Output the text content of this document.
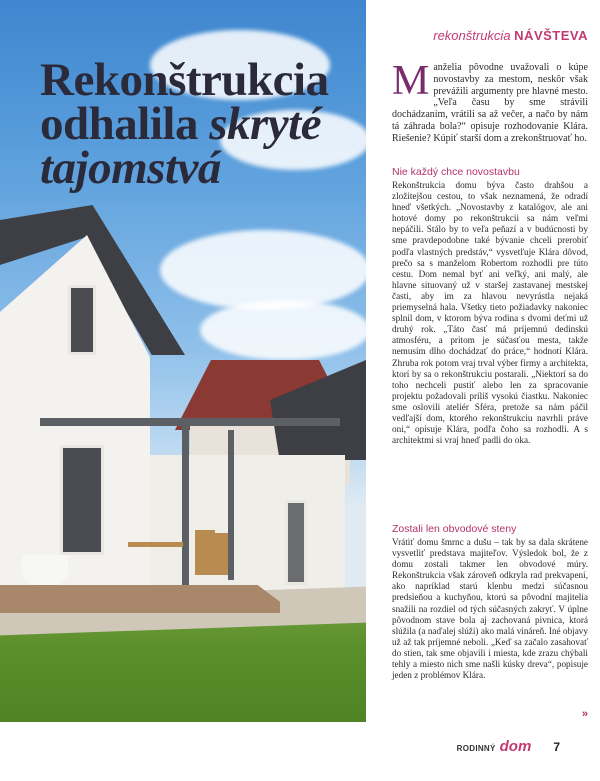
Rekonštrukcia
odhalila skryté
tajomstvá
rekonštrukcia NÁVŠTEVA
Manželia pôvodne uvažovali o kúpe novostavby za mestom, neskôr však prevážili argumenty pre hlavné mesto. „Veľa času by sme strávili dochádzaním, vrátili sa až večer, a načo by nám tá záhrada bola?“ opisuje rozhodovanie Klára. Riešenie? Kúpiť starší dom a zrekonštruovať ho.
Nie každý chce novostavbu
Rekonštrukcia domu býva často drahšou a zložitejšou cestou, to však neznamená, že odradí hneď všetkých. „Novostavby z katalógov, ale ani hotové domy po rekonštrukcii sa nám veľmi nepáčili. Stálo by to veľa peňazí a v budúcnosti by sme pravdepodobne také bývanie chceli prerobiť podľa vlastných predstáv,“ vysvetľuje Klára dôvod, prečo sa s manželom Robertom rozhodli pre túto cestu. Dom nemal byť ani veľký, ani malý, ale hlavne situovaný už v staršej zastavanej mestskej časti, aby im za hlavou nevyrástla nejaká priemyselná hala. Všetky tieto požiadavky nakoniec splnil dom, v ktorom býva rodina s dvomi deťmi už druhý rok. „Táto časť má príjemnú dedinskú atmosféru, a pritom je súčasťou mesta, takže nemusím dlho dochádzať do práce,“ hodnotí Klára. Zhruba rok potom vraj trval výber firmy a architekta, ktorí by sa o rekonštrukciu postarali. „Niektorí sa do toho nechceli pustiť alebo len za spracovanie projektu požadovali príliš vysokú čiastku. Nakoniec sme oslovili ateliér Sféra, pretože sa nám páčil vedľajší dom, ktorého rekonštrukciu navrhli práve oni,“ opisuje Klára, podľa čoho sa rozhodli. A s architektmi si vraj hneď padli do oka.
Zostali len obvodové steny
Vrátiť domu šmrnc a dušu – tak by sa dala skrátene vysvetliť predstava majiteľov. Výsledok bol, že z domu zostali takmer len obvodové múry. Rekonštrukcia však zároveň odkryla rad prekvapení, ako napríklad starú klenbu medzi súčasnou predsieňou a kuchyňou, ktorú sa pôvodní majitelia snažili na rozdiel od tých súčasných zakryť. V úplne pôvodnom stave bola aj zachovaná pivnica, ktorá slúžila (a naďalej slúži) ako malá vináreň. Iné objavy už až tak príjemné neboli. „Keď sa začalo zasahovať do stien, tak sme objavili i miesta, kde zrazu chýbali tehly a miesto nich sme našli kúsky dreva“, popisuje jeden z problémov Klára.
»
RODINNÝ dom 7
